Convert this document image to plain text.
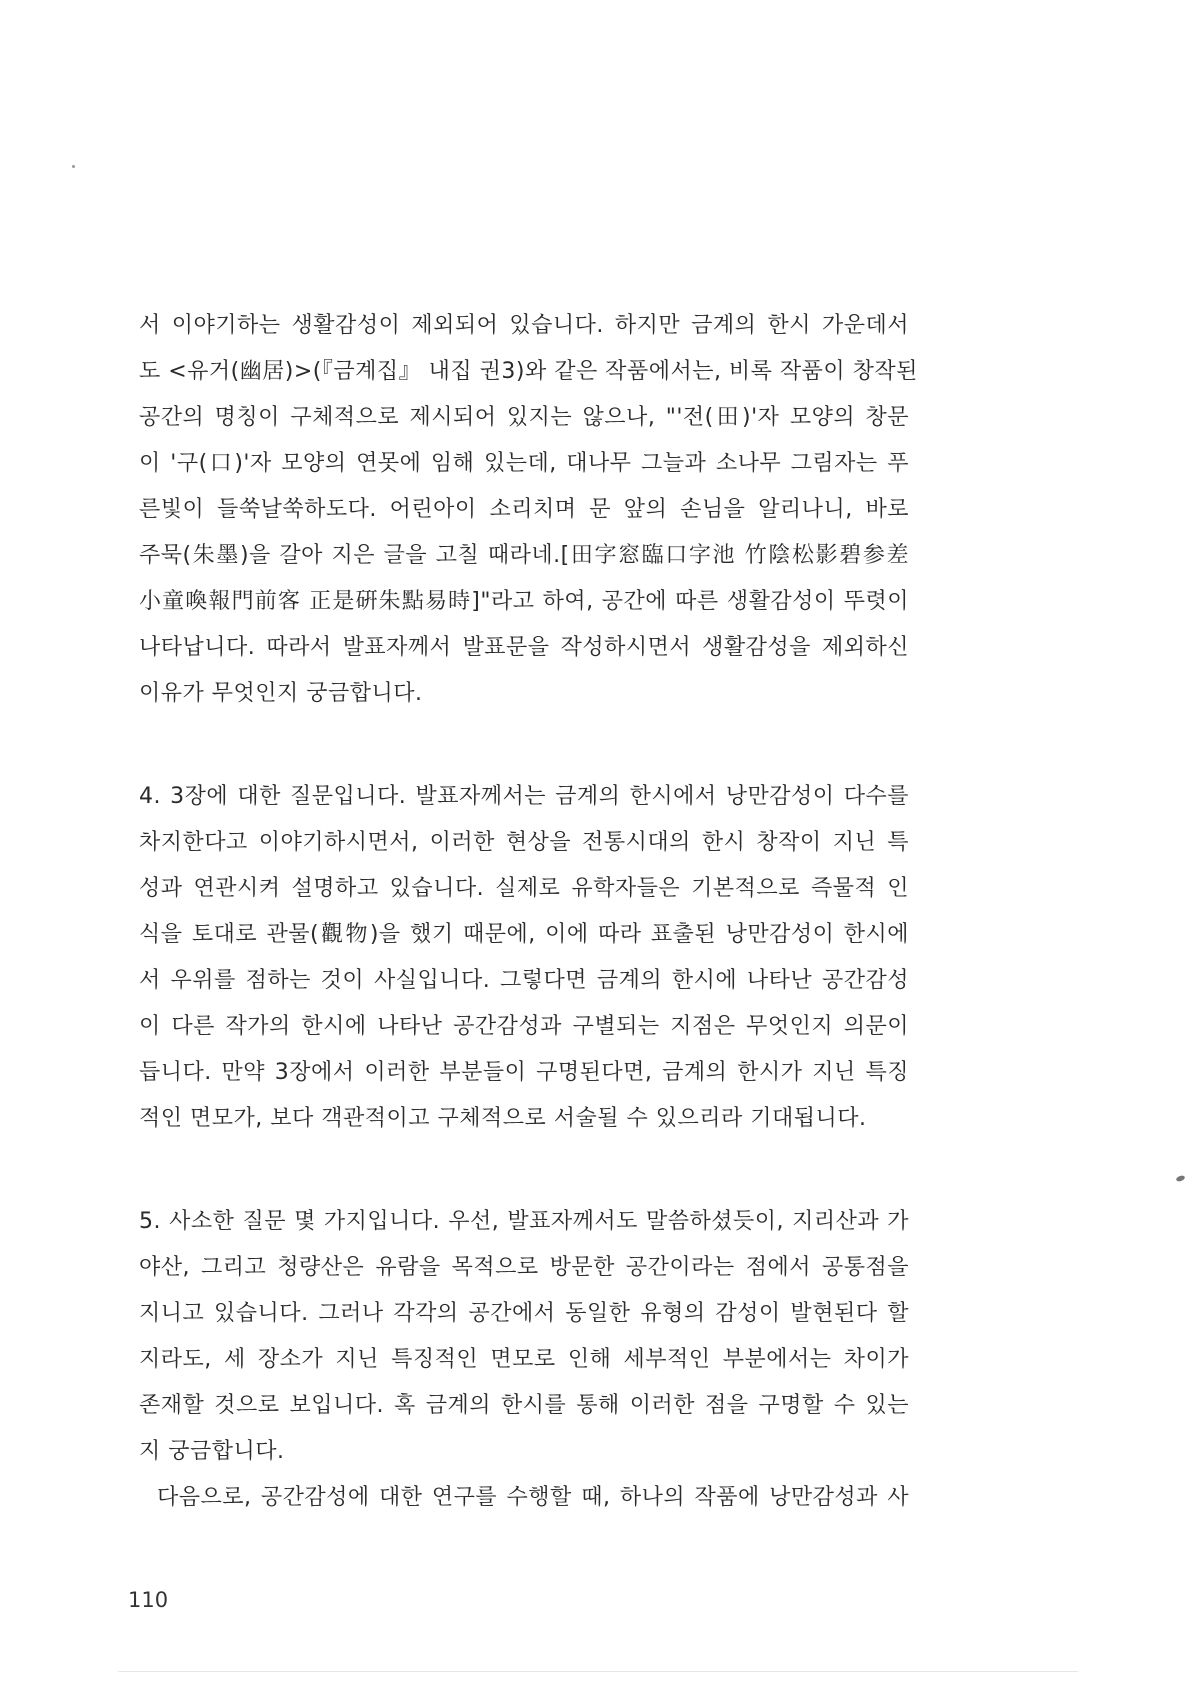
서 이야기하는 생활감성이 제외되어 있습니다. 하지만 금계의 한시 가운데서
도 <유거(幽居)>(『금계집』 내집 권3)와 같은 작품에서는, 비록 작품이 창작된
공간의 명칭이 구체적으로 제시되어 있지는 않으나, "'전(田)'자 모양의 창문
이 '구(口)'자 모양의 연못에 임해 있는데, 대나무 그늘과 소나무 그림자는 푸
른빛이 들쑥날쑥하도다. 어린아이 소리치며 문 앞의 손님을 알리나니, 바로
주묵(朱墨)을 갈아 지은 글을 고칠 때라네.[田字窓臨口字池 竹陰松影碧参差
小童喚報門前客 正是硏朱點易時]"라고 하여, 공간에 따른 생활감성이 뚜렷이
나타납니다. 따라서 발표자께서 발표문을 작성하시면서 생활감성을 제외하신
이유가 무엇인지 궁금합니다.
4. 3장에 대한 질문입니다. 발표자께서는 금계의 한시에서 낭만감성이 다수를
차지한다고 이야기하시면서, 이러한 현상을 전통시대의 한시 창작이 지닌 특
성과 연관시켜 설명하고 있습니다. 실제로 유학자들은 기본적으로 즉물적 인
식을 토대로 관물(觀物)을 했기 때문에, 이에 따라 표출된 낭만감성이 한시에
서 우위를 점하는 것이 사실입니다. 그렇다면 금계의 한시에 나타난 공간감성
이 다른 작가의 한시에 나타난 공간감성과 구별되는 지점은 무엇인지 의문이
듭니다. 만약 3장에서 이러한 부분들이 구명된다면, 금계의 한시가 지닌 특징
적인 면모가, 보다 객관적이고 구체적으로 서술될 수 있으리라 기대됩니다.
5. 사소한 질문 몇 가지입니다. 우선, 발표자께서도 말씀하셨듯이, 지리산과 가
야산, 그리고 청량산은 유람을 목적으로 방문한 공간이라는 점에서 공통점을
지니고 있습니다. 그러나 각각의 공간에서 동일한 유형의 감성이 발현된다 할
지라도, 세 장소가 지닌 특징적인 면모로 인해 세부적인 부분에서는 차이가
존재할 것으로 보입니다. 혹 금계의 한시를 통해 이러한 점을 구명할 수 있는
지 궁금합니다.
다음으로, 공간감성에 대한 연구를 수행할 때, 하나의 작품에 낭만감성과 사
110
